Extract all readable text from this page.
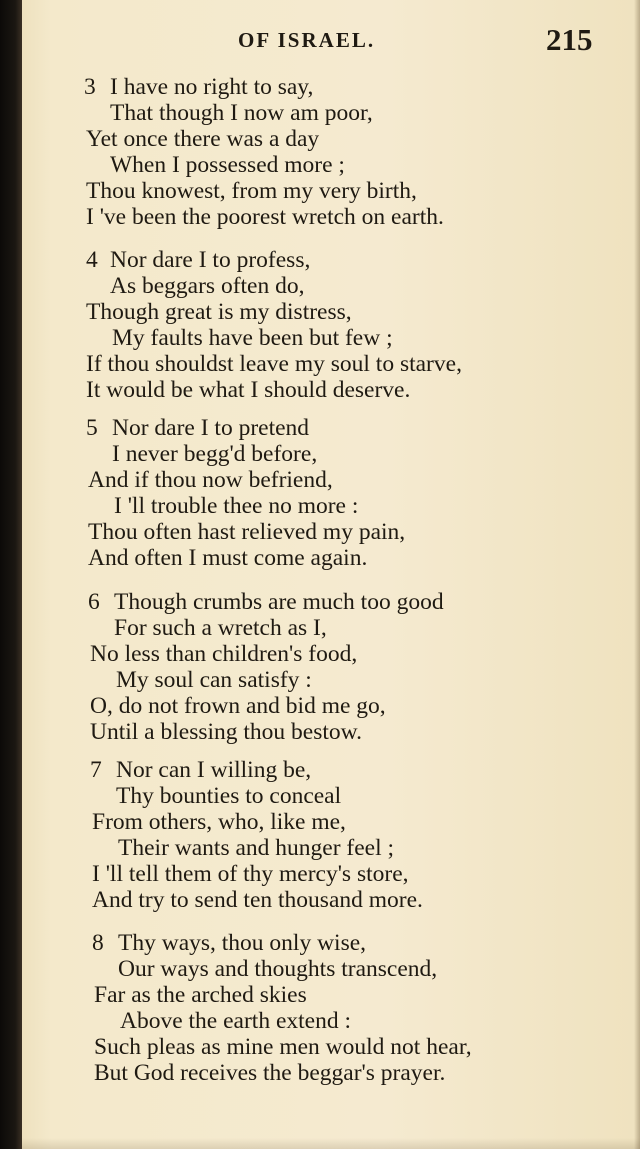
OF ISRAEL.	215
3 I have no right to say,
That though I now am poor,
Yet once there was a day
When I possessed more ;
Thou knowest, from my very birth,
I 've been the poorest wretch on earth.
4 Nor dare I to profess,
As beggars often do,
Though great is my distress,
My faults have been but few ;
If thou shouldst leave my soul to starve,
It would be what I should deserve.
5 Nor dare I to pretend
I never begg'd before,
And if thou now befriend,
I 'll trouble thee no more :
Thou often hast relieved my pain,
And often I must come again.
6 Though crumbs are much too good
For such a wretch as I,
No less than children's food,
My soul can satisfy :
O, do not frown and bid me go,
Until a blessing thou bestow.
7 Nor can I willing be,
Thy bounties to conceal
From others, who, like me,
Their wants and hunger feel ;
I 'll tell them of thy mercy's store,
And try to send ten thousand more.
8 Thy ways, thou only wise,
Our ways and thoughts transcend,
Far as the arched skies
Above the earth extend :
Such pleas as mine men would not hear,
But God receives the beggar's prayer.
